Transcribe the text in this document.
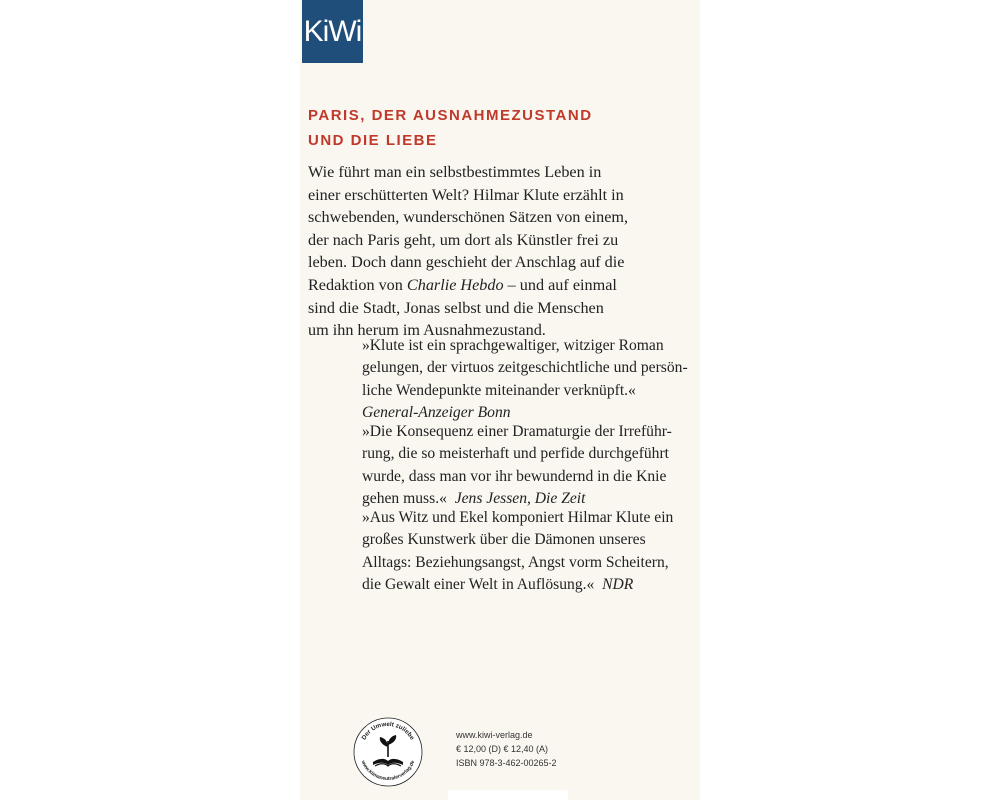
KiWi
PARIS, DER AUSNAHMEZUSTAND
UND DIE LIEBE
Wie führt man ein selbstbestimmtes Leben in
einer erschütterten Welt? Hilmar Klute erzählt in
schwebenden, wunderschönen Sätzen von einem,
der nach Paris geht, um dort als Künstler frei zu
leben. Doch dann geschieht der Anschlag auf die
Redaktion von Charlie Hebdo – und auf einmal
sind die Stadt, Jonas selbst und die Menschen
um ihn herum im Ausnahmezustand.
»Klute ist ein sprachgewaltiger, witziger Roman
gelungen, der virtuos zeitgeschichtliche und persön-
liche Wendepunkte miteinander verknüpft.«
General-Anzeiger Bonn
»Die Konsequenz einer Dramaturgie der Irreführ-
rung, die so meisterhaft und perfide durchgeführt
wurde, dass man vor ihr bewundernd in die Knie
gehen muss.«  Jens Jessen, Die Zeit
»Aus Witz und Ekel komponiert Hilmar Klute ein
großes Kunstwerk über die Dämonen unseres
Alltags: Beziehungsangst, Angst vorm Scheitern,
die Gewalt einer Welt in Auflösung.«  NDR
Der Umwelt zuliebe
www.klimaneutralerverlag.de
www.kiwi-verlag.de
€ 12,00 (D) € 12,40 (A)
ISBN 978-3-462-00265-2
